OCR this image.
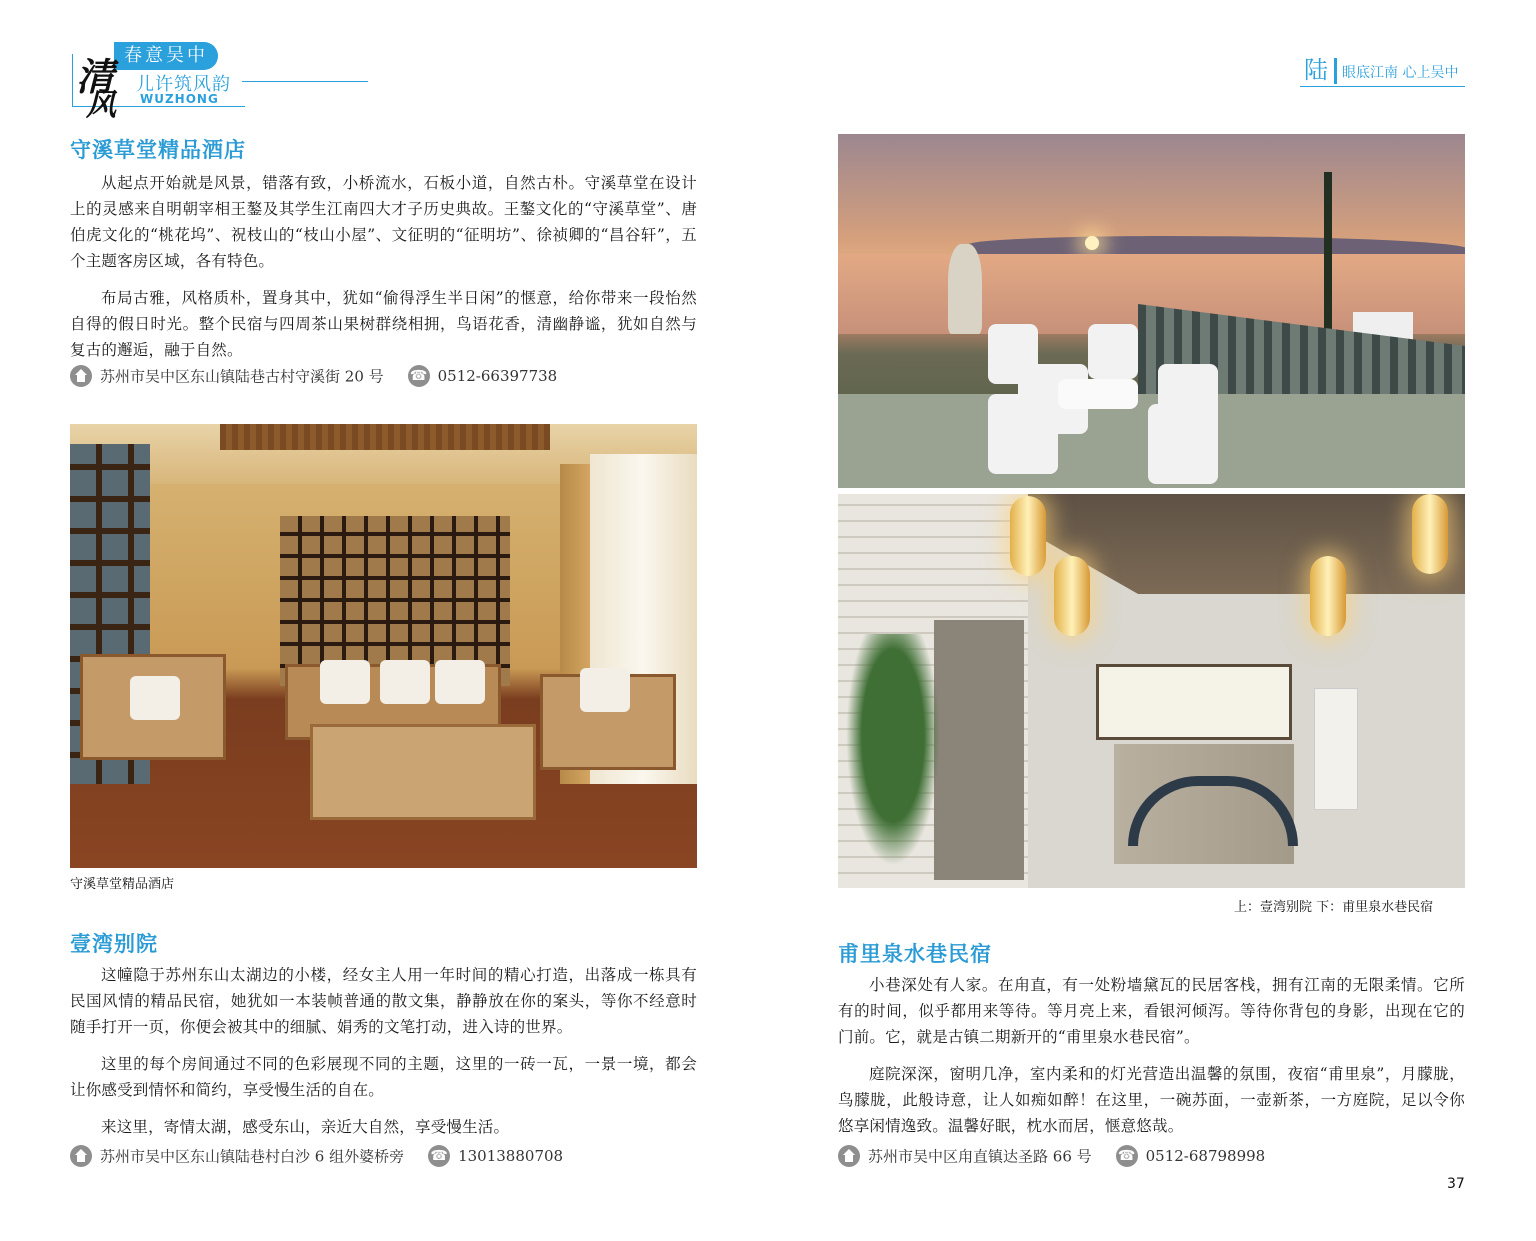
春意吴中
清
风
儿许筑风韵
WUZHONG
陆 眼底江南 心上吴中
守溪草堂精品酒店

从起点开始就是风景，错落有致，小桥流水，石板小道，自然古朴。守溪草堂在设计上的灵感来自明朝宰相王鏊及其学生江南四大才子历史典故。王鏊文化的“守溪草堂”、唐伯虎文化的“桃花坞”、祝枝山的“枝山小屋”、文征明的“征明坊”、徐祯卿的“昌谷轩”，五个主题客房区域，各有特色。

布局古雅，风格质朴，置身其中，犹如“偷得浮生半日闲”的惬意，给你带来一段怡然自得的假日时光。整个民宿与四周茶山果树群绕相拥，鸟语花香，清幽静谧，犹如自然与复古的邂逅，融于自然。

苏州市吴中区东山镇陆巷古村守溪街 20 号 ☎	0512-66397738
守溪草堂精品酒店
壹湾别院

这幢隐于苏州东山太湖边的小楼，经女主人用一年时间的精心打造，出落成一栋具有民国风情的精品民宿，她犹如一本装帧普通的散文集，静静放在你的案头，等你不经意时随手打开一页，你便会被其中的细腻、娟秀的文笔打动，进入诗的世界。

这里的每个房间通过不同的色彩展现不同的主题，这里的一砖一瓦，一景一境，都会让你感受到情怀和简约，享受慢生活的自在。

来这里，寄情太湖，感受东山，亲近大自然，享受慢生活。

苏州市吴中区东山镇陆巷村白沙 6 组外婆桥旁 ☎	13013880708
上：壹湾别院 下：甫里泉水巷民宿
甫里泉水巷民宿

小巷深处有人家。在甪直，有一处粉墙黛瓦的民居客栈，拥有江南的无限柔情。它所有的时间，似乎都用来等待。等月亮上来，看银河倾泻。等待你背包的身影，出现在它的门前。它，就是古镇二期新开的“甫里泉水巷民宿”。

庭院深深，窗明几净，室内柔和的灯光营造出温馨的氛围，夜宿“甫里泉”，月朦胧，鸟朦胧，此般诗意，让人如痴如醉！在这里，一碗苏面，一壶新茶，一方庭院，足以令你悠享闲情逸致。温馨好眠，枕水而居，惬意悠哉。

苏州市吴中区甪直镇达圣路 66 号 ☎	0512-68798998
37
